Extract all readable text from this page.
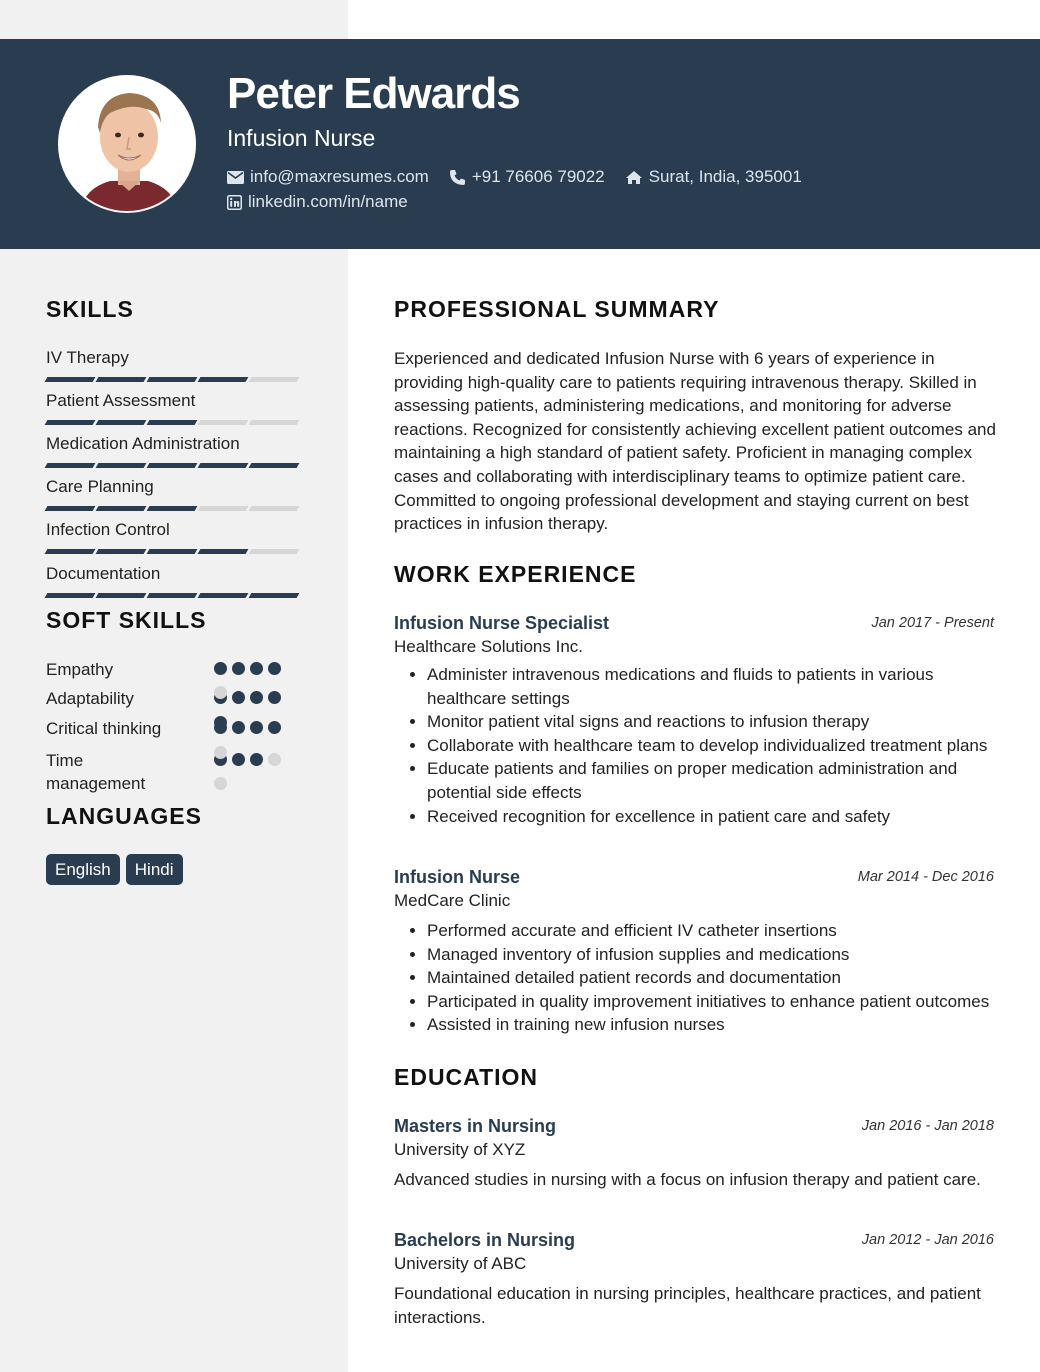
Peter Edwards
Infusion Nurse
info@maxresumes.com	+91 76606 79022	Surat, India, 395001
linkedin.com/in/name
SKILLS
IV Therapy
Patient Assessment
Medication Administration
Care Planning
Infection Control
Documentation
SOFT SKILLS
Empathy
Adaptability
Critical thinking
Time management
LANGUAGES
English	Hindi
PROFESSIONAL SUMMARY
Experienced and dedicated Infusion Nurse with 6 years of experience in providing high-quality care to patients requiring intravenous therapy. Skilled in assessing patients, administering medications, and monitoring for adverse reactions. Recognized for consistently achieving excellent patient outcomes and maintaining a high standard of patient safety. Proficient in managing complex cases and collaborating with interdisciplinary teams to optimize patient care. Committed to ongoing professional development and staying current on best practices in infusion therapy.
WORK EXPERIENCE
Infusion Nurse Specialist	Jan 2017 - Present
Healthcare Solutions Inc.
• Administer intravenous medications and fluids to patients in various healthcare settings
• Monitor patient vital signs and reactions to infusion therapy
• Collaborate with healthcare team to develop individualized treatment plans
• Educate patients and families on proper medication administration and potential side effects
• Received recognition for excellence in patient care and safety
Infusion Nurse	Mar 2014 - Dec 2016
MedCare Clinic
• Performed accurate and efficient IV catheter insertions
• Managed inventory of infusion supplies and medications
• Maintained detailed patient records and documentation
• Participated in quality improvement initiatives to enhance patient outcomes
• Assisted in training new infusion nurses
EDUCATION
Masters in Nursing	Jan 2016 - Jan 2018
University of XYZ
Advanced studies in nursing with a focus on infusion therapy and patient care.
Bachelors in Nursing	Jan 2012 - Jan 2016
University of ABC
Foundational education in nursing principles, healthcare practices, and patient interactions.
